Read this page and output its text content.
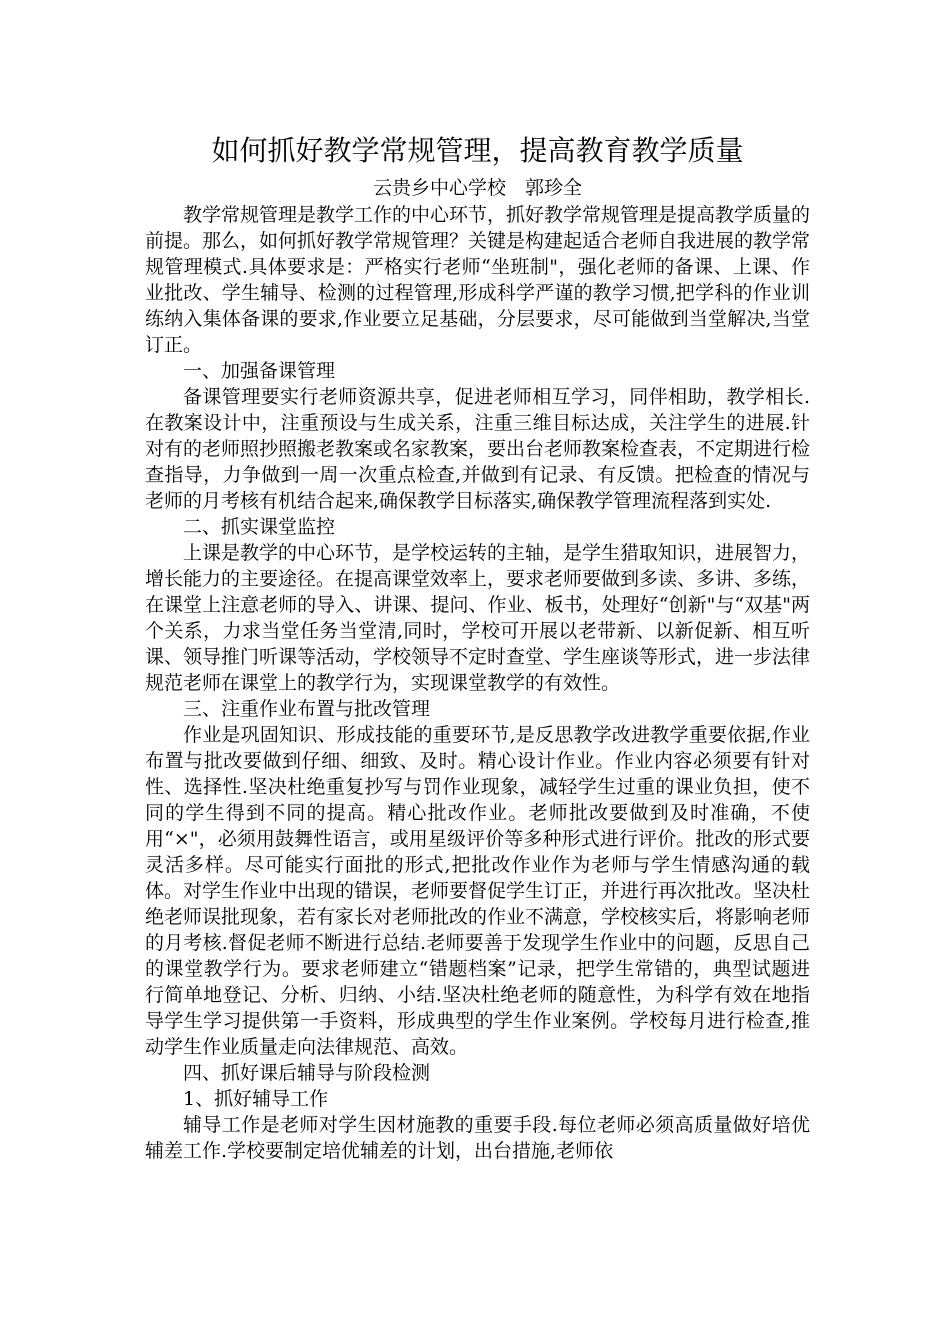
如何抓好教学常规管理，提高教育教学质量

云贵乡中心学校　郭珍全

教学常规管理是教学工作的中心环节，抓好教学常规管理是提高教学质量的前提。那么，如何抓好教学常规管理？关键是构建起适合老师自我进展的教学常规管理模式.具体要求是：严格实行老师“坐班制"，强化老师的备课、上课、作业批改、学生辅导、检测的过程管理,形成科学严谨的教学习惯,把学科的作业训练纳入集体备课的要求,作业要立足基础，分层要求，尽可能做到当堂解决,当堂订正。

一、加强备课管理

备课管理要实行老师资源共享，促进老师相互学习，同伴相助，教学相长.在教案设计中，注重预设与生成关系，注重三维目标达成，关注学生的进展.针对有的老师照抄照搬老教案或名家教案，要出台老师教案检查表，不定期进行检查指导，力争做到一周一次重点检查,并做到有记录、有反馈。把检查的情况与老师的月考核有机结合起来,确保教学目标落实,确保教学管理流程落到实处.

二、抓实课堂监控

上课是教学的中心环节，是学校运转的主轴，是学生猎取知识，进展智力，增长能力的主要途径。在提高课堂效率上，要求老师要做到多读、多讲、多练，在课堂上注意老师的导入、讲课、提问、作业、板书，处理好“创新"与“双基"两个关系，力求当堂任务当堂清,同时，学校可开展以老带新、以新促新、相互听课、领导推门听课等活动，学校领导不定时查堂、学生座谈等形式，进一步法律规范老师在课堂上的教学行为，实现课堂教学的有效性。

三、注重作业布置与批改管理

作业是巩固知识、形成技能的重要环节,是反思教学改进教学重要依据,作业布置与批改要做到仔细、细致、及时。精心设计作业。作业内容必须要有针对性、选择性.坚决杜绝重复抄写与罚作业现象，减轻学生过重的课业负担，使不同的学生得到不同的提高。精心批改作业。老师批改要做到及时准确，不使用“×"，必须用鼓舞性语言，或用星级评价等多种形式进行评价。批改的形式要灵活多样。尽可能实行面批的形式,把批改作业作为老师与学生情感沟通的载体。对学生作业中出现的错误，老师要督促学生订正，并进行再次批改。坚决杜绝老师误批现象，若有家长对老师批改的作业不满意，学校核实后，将影响老师的月考核.督促老师不断进行总结.老师要善于发现学生作业中的问题，反思自己的课堂教学行为。要求老师建立“错题档案”记录，把学生常错的，典型试题进行简单地登记、分析、归纳、小结.坚决杜绝老师的随意性，为科学有效在地指导学生学习提供第一手资料，形成典型的学生作业案例。学校每月进行检查,推动学生作业质量走向法律规范、高效。

四、抓好课后辅导与阶段检测

1、抓好辅导工作

辅导工作是老师对学生因材施教的重要手段.每位老师必须高质量做好培优辅差工作.学校要制定培优辅差的计划，出台措施,老师依
